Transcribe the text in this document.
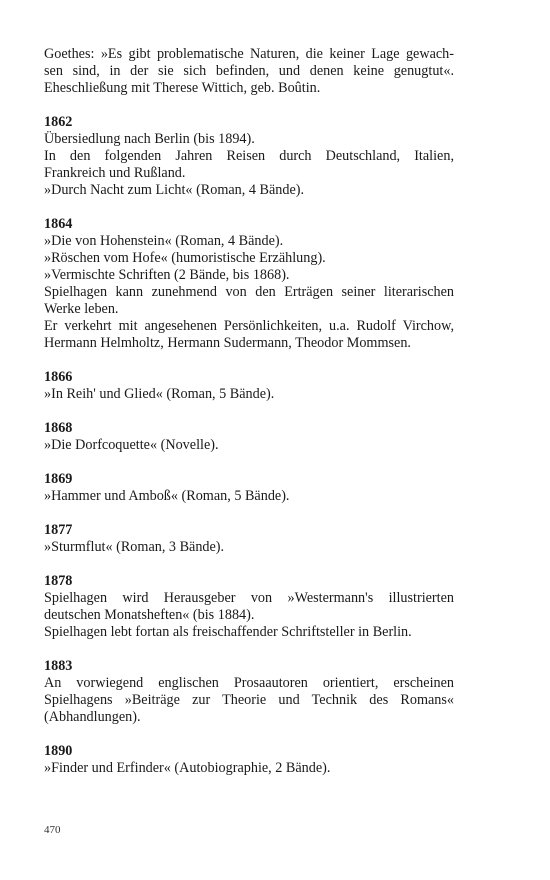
Goethes: »Es gibt problematische Naturen, die keiner Lage gewach-
sen sind, in der sie sich befinden, und denen keine genugtut«.
Eheschließung mit Therese Wittich, geb. Boûtin.
1862
Übersiedlung nach Berlin (bis 1894).
In den folgenden Jahren Reisen durch Deutschland, Italien,
Frankreich und Rußland.
»Durch Nacht zum Licht« (Roman, 4 Bände).
1864
»Die von Hohenstein« (Roman, 4 Bände).
»Röschen vom Hofe« (humoristische Erzählung).
»Vermischte Schriften (2 Bände, bis 1868).
Spielhagen kann zunehmend von den Erträgen seiner literarischen
Werke leben.
Er verkehrt mit angesehenen Persönlichkeiten, u.a. Rudolf Virchow,
Hermann Helmholtz, Hermann Sudermann, Theodor Mommsen.
1866
»In Reih' und Glied« (Roman, 5 Bände).
1868
»Die Dorfcoquette« (Novelle).
1869
»Hammer und Amboß« (Roman, 5 Bände).
1877
»Sturmflut« (Roman, 3 Bände).
1878
Spielhagen wird Herausgeber von »Westermann's illustrierten
deutschen Monatsheften« (bis 1884).
Spielhagen lebt fortan als freischaffender Schriftsteller in Berlin.
1883
An vorwiegend englischen Prosaautoren orientiert, erscheinen
Spielhagens »Beiträge zur Theorie und Technik des Romans«
(Abhandlungen).
1890
»Finder und Erfinder« (Autobiographie, 2 Bände).
470
